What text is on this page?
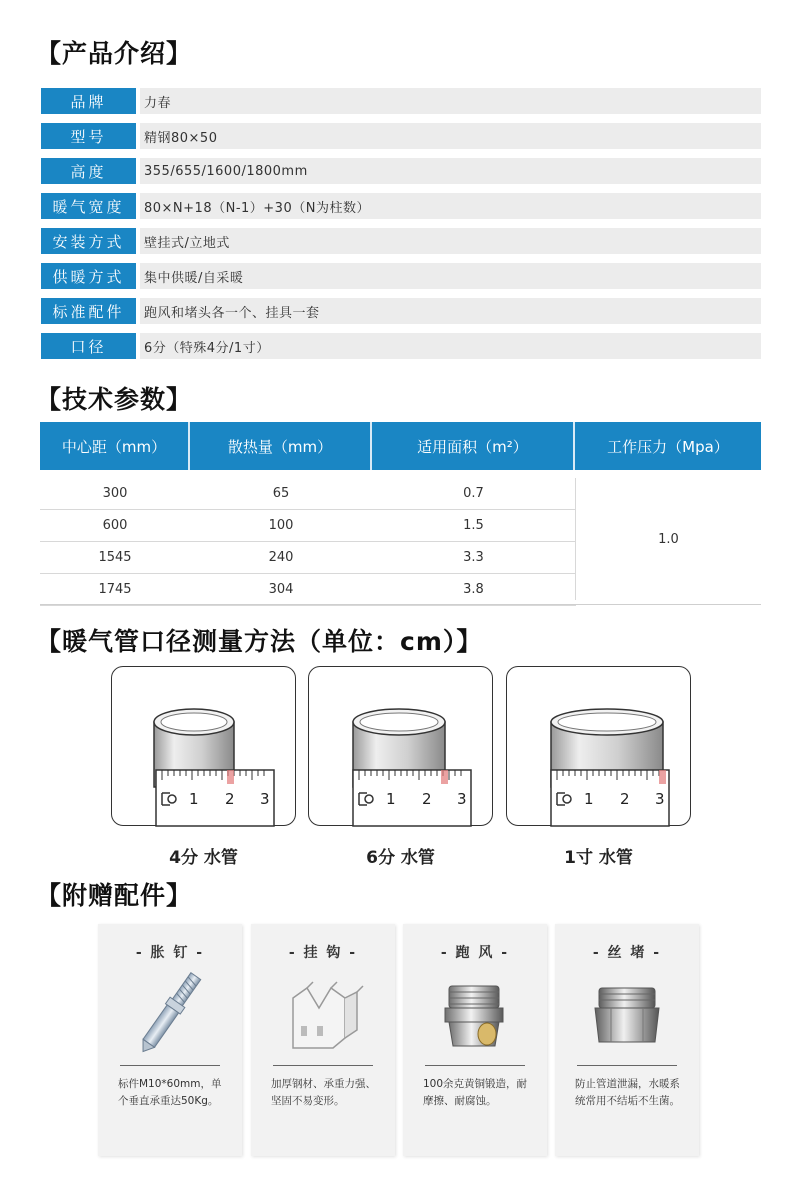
【产品介绍】
品牌	力春
型号	精钢80×50
高度	355/655/1600/1800mm
暖气宽度	80×N+18（N-1）+30（N为柱数）
安装方式	壁挂式/立地式
供暖方式	集中供暖/自采暖
标准配件	跑风和堵头各一个、挂具一套
口径	6分（特殊4分/1寸）
【技术参数】
中心距（mm）	散热量（mm）	适用面积（m²）	工作压力（Mpa）
300	65	0.7
600	100	1.5
1545	240	3.3
1745	304	3.8
1.0
【暖气管口径测量方法（单位：cm）】
1 2 3
4分 水管
1 2 3
6分 水管
1 2 3
1寸 水管
【附赠配件】
- 胀 钉 -
标件M10*60mm，单个垂直承重达50Kg。
- 挂 钩 -
加厚钢材、承重力强、坚固不易变形。
- 跑 风 -
100余克黄铜锻造，耐摩擦、耐腐蚀。
- 丝 堵 -
防止管道泄漏，水暖系统常用不结垢不生菌。
